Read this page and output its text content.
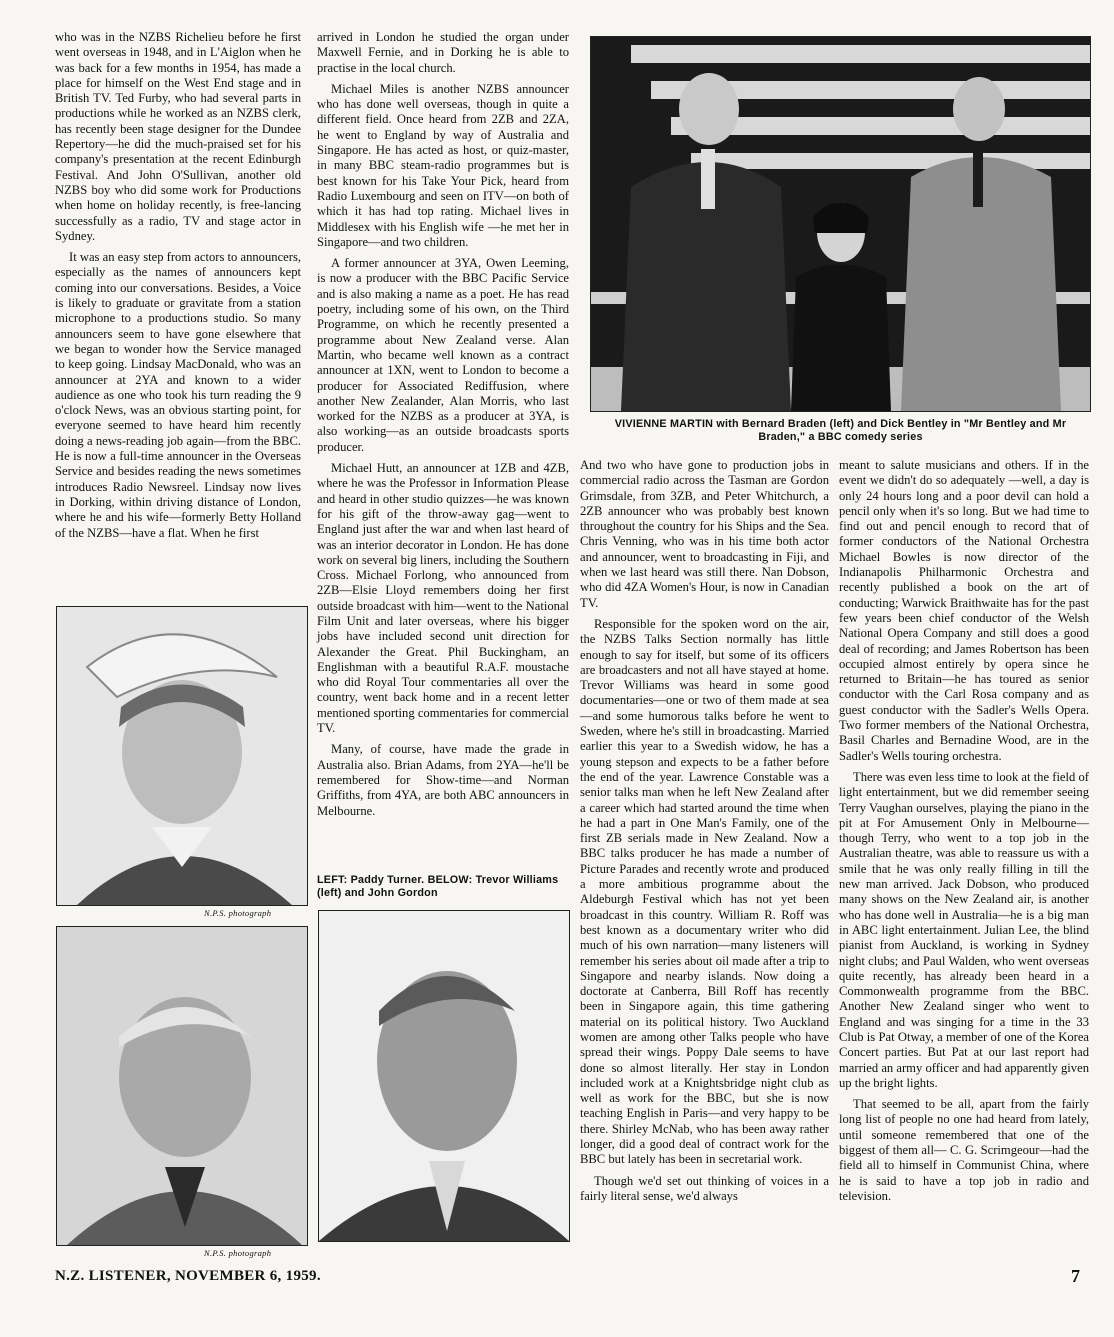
who was in the NZBS Richelieu before he first went overseas in 1948, and in L'Aiglon when he was back for a few months in 1954, has made a place for himself on the West End stage and in British TV. Ted Furby, who had several parts in productions while he worked as an NZBS clerk, has recently been stage designer for the Dundee Repertory—he did the much-praised set for his company's presentation at the recent Edinburgh Festival. And John O'Sullivan, another old NZBS boy who did some work for Productions when home on holiday recently, is free-lancing successfully as a radio, TV and stage actor in Sydney.

It was an easy step from actors to announcers, especially as the names of announcers kept coming into our conversations. Besides, a Voice is likely to graduate or gravitate from a station microphone to a productions studio. So many announcers seem to have gone elsewhere that we began to wonder how the Service managed to keep going. Lindsay MacDonald, who was an announcer at 2YA and known to a wider audience as one who took his turn reading the 9 o'clock News, was an obvious starting point, for everyone seemed to have heard him recently doing a news-reading job again—from the BBC. He is now a full-time announcer in the Overseas Service and besides reading the news sometimes introduces Radio Newsreel. Lindsay now lives in Dorking, within driving distance of London, where he and his wife—formerly Betty Holland of the NZBS—have a flat. When he first

arrived in London he studied the organ under Maxwell Fernie, and in Dorking he is able to practise in the local church.

Michael Miles is another NZBS announcer who has done well overseas, though in quite a different field. Once heard from 2ZB and 2ZA, he went to England by way of Australia and Singapore. He has acted as host, or quiz-master, in many BBC steam-radio programmes but is best known for his Take Your Pick, heard from Radio Luxembourg and seen on ITV—on both of which it has had top rating. Michael lives in Middlesex with his English wife —he met her in Singapore—and two children.

A former announcer at 3YA, Owen Leeming, is now a producer with the BBC Pacific Service and is also making a name as a poet. He has read poetry, including some of his own, on the Third Programme, on which he recently presented a programme about New Zealand verse. Alan Martin, who became well known as a contract announcer at 1XN, went to London to become a producer for Associated Rediffusion, where another New Zealander, Alan Morris, who last worked for the NZBS as a producer at 3YA, is also working—as an outside broadcasts sports producer.

Michael Hutt, an announcer at 1ZB and 4ZB, where he was the Professor in Information Please and heard in other studio quizzes—he was known for his gift of the throw-away gag—went to England just after the war and when last heard of was an interior decorator in London. He has done work on several big liners, including the Southern Cross. Michael Forlong, who announced from 2ZB—Elsie Lloyd remembers doing her first outside broadcast with him—went to the National Film Unit and later overseas, where his bigger jobs have included second unit direction for Alexander the Great. Phil Buckingham, an Englishman with a beautiful R.A.F. moustache who did Royal Tour commentaries all over the country, went back home and in a recent letter mentioned sporting commentaries for commercial TV.

Many, of course, have made the grade in Australia also. Brian Adams, from 2YA—he'll be remembered for Show-time—and Norman Griffiths, from 4YA, are both ABC announcers in Melbourne.

And two who have gone to production jobs in commercial radio across the Tasman are Gordon Grimsdale, from 3ZB, and Peter Whitchurch, a 2ZB announcer who was probably best known throughout the country for his Ships and the Sea. Chris Venning, who was in his time both actor and announcer, went to broadcasting in Fiji, and when we last heard was still there. Nan Dobson, who did 4ZA Women's Hour, is now in Canadian TV.

Responsible for the spoken word on the air, the NZBS Talks Section normally has little enough to say for itself, but some of its officers are broadcasters and not all have stayed at home. Trevor Williams was heard in some good documentaries—one or two of them made at sea—and some humorous talks before he went to Sweden, where he's still in broadcasting. Married earlier this year to a Swedish widow, he has a young stepson and expects to be a father before the end of the year. Lawrence Constable was a senior talks man when he left New Zealand after a career which had started around the time when he had a part in One Man's Family, one of the first ZB serials made in New Zealand. Now a BBC talks producer he has made a number of Picture Parades and recently wrote and produced a more ambitious programme about the Aldeburgh Festival which has not yet been broadcast in this country. William R. Roff was best known as a documentary writer who did much of his own narration—many listeners will remember his series about oil made after a trip to Singapore and nearby islands. Now doing a doctorate at Canberra, Bill Roff has recently been in Singapore again, this time gathering material on its political history. Two Auckland women are among other Talks people who have spread their wings. Poppy Dale seems to have done so almost literally. Her stay in London included work at a Knightsbridge night club as well as work for the BBC, but she is now teaching English in Paris—and very happy to be there. Shirley McNab, who has been away rather longer, did a good deal of contract work for the BBC but lately has been in secretarial work.

Though we'd set out thinking of voices in a fairly literal sense, we'd always

meant to salute musicians and others. If in the event we didn't do so adequately —well, a day is only 24 hours long and a poor devil can hold a pencil only when it's so long. But we had time to find out and pencil enough to record that of former conductors of the National Orchestra Michael Bowles is now director of the Indianapolis Philharmonic Orchestra and recently published a book on the art of conducting; Warwick Braithwaite has for the past few years been chief conductor of the Welsh National Opera Company and still does a good deal of recording; and James Robertson has been occupied almost entirely by opera since he returned to Britain—he has toured as senior conductor with the Carl Rosa company and as guest conductor with the Sadler's Wells Opera. Two former members of the National Orchestra, Basil Charles and Bernadine Wood, are in the Sadler's Wells touring orchestra.

There was even less time to look at the field of light entertainment, but we did remember seeing Terry Vaughan ourselves, playing the piano in the pit at For Amusement Only in Melbourne—though Terry, who went to a top job in the Australian theatre, was able to reassure us with a smile that he was only really filling in till the new man arrived. Jack Dobson, who produced many shows on the New Zealand air, is another who has done well in Australia—he is a big man in ABC light entertainment. Julian Lee, the blind pianist from Auckland, is working in Sydney night clubs; and Paul Walden, who went overseas quite recently, has already been heard in a Commonwealth programme from the BBC. Another New Zealand singer who went to England and was singing for a time in the 33 Club is Pat Otway, a member of one of the Korea Concert parties. But Pat at our last report had married an army officer and had apparently given up the bright lights.

That seemed to be all, apart from the fairly long list of people no one had heard from lately, until someone remembered that one of the biggest of them all— C. G. Scrimgeour—had the field all to himself in Communist China, where he is said to have a top job in radio and television.

N.P.S. photograph
N.P.S. photograph
VIVIENNE MARTIN with Bernard Braden (left) and Dick Bentley in "Mr Bentley and Mr Braden," a BBC comedy series
LEFT: Paddy Turner. BELOW: Trevor Williams (left) and John Gordon
N.Z. LISTENER, NOVEMBER 6, 1959.	7
